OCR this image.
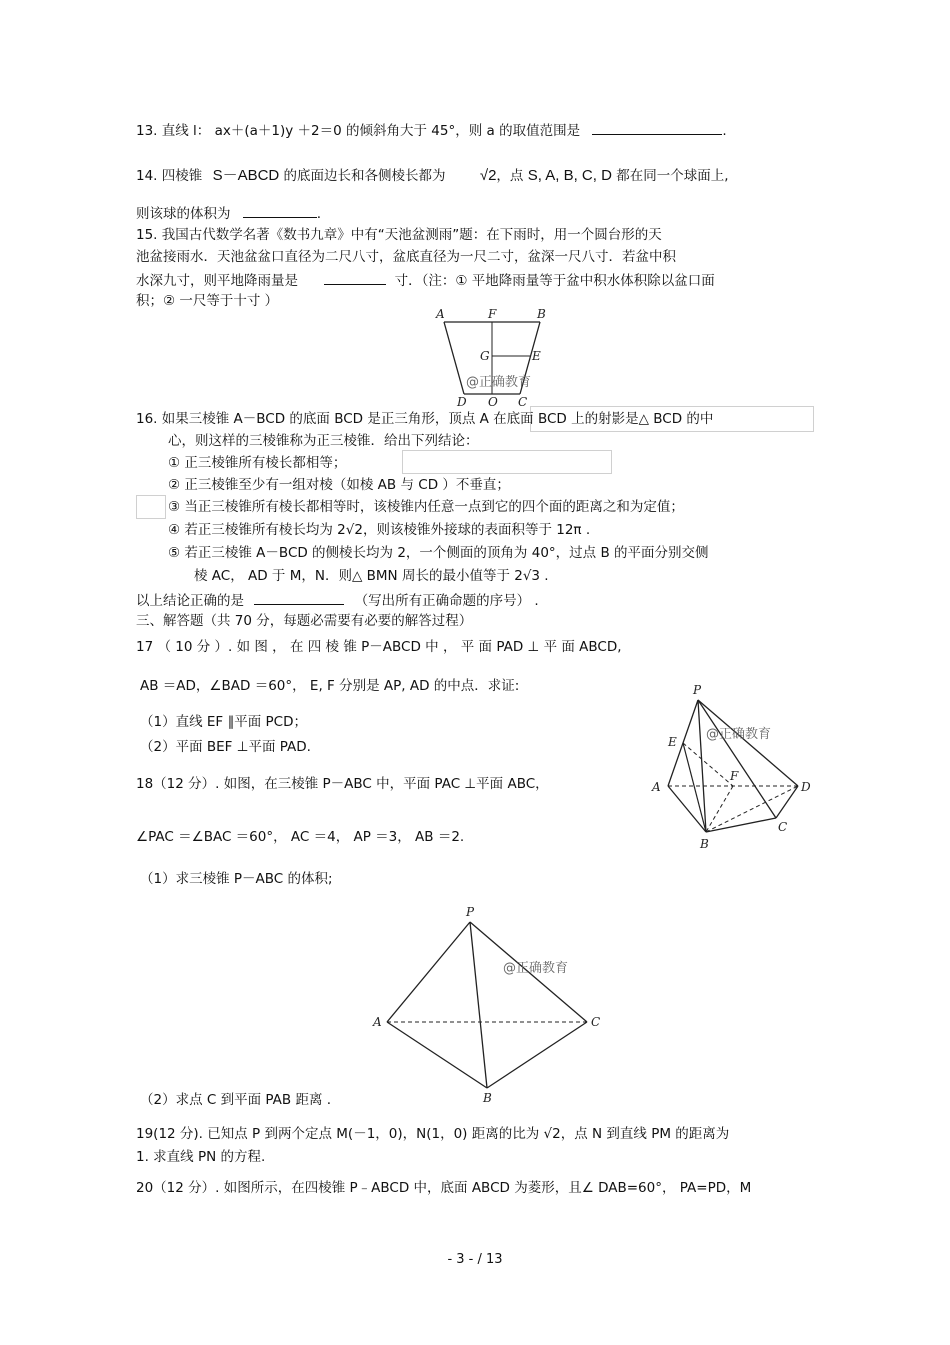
13. 直线 l： ax＋(a＋1)y ＋2＝0 的倾斜角大于 45°，则 a 的取值范围是	.
14. 四棱锥 S－ABCD 的底面边长和各侧棱长都为 √2，点 S, A, B, C, D 都在同一个球面上,
则该球的体积为	.
15. 我国古代数学名著《数书九章》中有“天池盆测雨”题：在下雨时，用一个圆台形的天
池盆接雨水．天池盆盆口直径为二尺八寸，盆底直径为一尺二寸，盆深一尺八寸．若盆中积
水深九寸，则平地降雨量是	寸．（注：① 平地降雨量等于盆中积水体积除以盆口面
积；② 一尺等于十寸 ）
A	F	B
G	E
D O C
@正确教育
16. 如果三棱锥 A－BCD 的底面 BCD 是正三角形，顶点 A 在底面 BCD 上的射影是△ BCD 的中
心，则这样的三棱锥称为正三棱锥．给出下列结论：
① 正三棱锥所有棱长都相等；
② 正三棱锥至少有一组对棱（如棱 AB 与 CD ）不垂直；
③ 当正三棱锥所有棱长都相等时，该棱锥内任意一点到它的四个面的距离之和为定值；
④ 若正三棱锥所有棱长均为 2√2，则该棱锥外接球的表面积等于 12π .
⑤ 若正三棱锥 A－BCD 的侧棱长均为 2，一个侧面的顶角为 40°，过点 B 的平面分别交侧
棱 AC， AD 于 M，N．则△ BMN 周长的最小值等于 2√3 .
以上结论正确的是	（写出所有正确命题的序号） .
三、解答题（共 70 分，每题必需要有必要的解答过程）
17 （ 10 分 ）. 如 图 ， 在 四 棱 锥 P－ABCD 中 ， 平 面 PAD ⊥ 平 面 ABCD,
AB ＝AD，∠BAD ＝60°， E, F 分别是 AP, AD 的中点．求证:
（1）直线 EF ∥平面 PCD；
（2）平面 BEF ⊥平面 PAD.
P
E
F
A	D
C
B
@正确教育
18（12 分）. 如图，在三棱锥 P－ABC 中，平面 PAC ⊥平面 ABC，
∠PAC ＝∠BAC ＝60°， AC ＝4， AP ＝3， AB ＝2.
（1）求三棱锥 P－ABC 的体积;
P
A	C
B
@正确教育
（2）求点 C 到平面 PAB 距离 .
19(12 分). 已知点 P 到两个定点 M(－1，0)，N(1，0) 距离的比为 √2，点 N 到直线 PM 的距离为
1. 求直线 PN 的方程.
20（12 分）. 如图所示，在四棱锥 P﹣ABCD 中，底面 ABCD 为菱形，且∠ DAB=60°， PA=PD，M
- 3 - / 13
